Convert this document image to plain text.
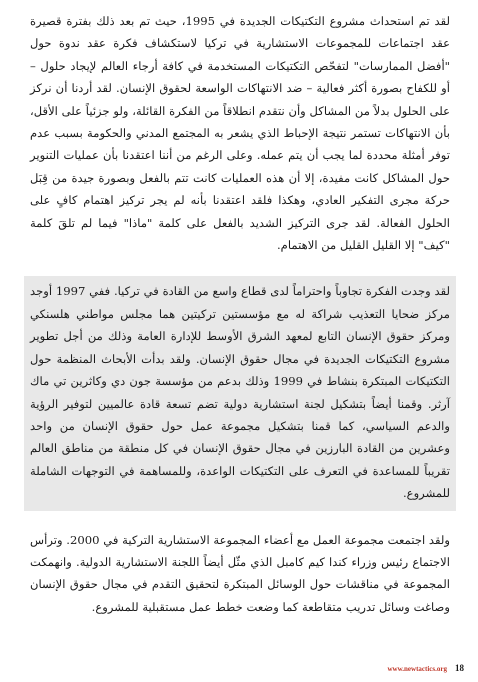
لقد تم استحداث مشروع التكتيكات الجديدة في 1995، حيث تم بعد ذلك بفترة قصيرة عقد اجتماعات للمجموعات الاستشارية في تركيا لاستكشاف فكرة عقد ندوة حول "أفضل الممارسات" لتفحّص التكتيكات المستخدمة في كافة أرجاء العالم لإيجاد حلول – أو للكفاح بصورة أكثر فعالية – ضد الانتهاكات الواسعة لحقوق الإنسان. لقد أردنا أن نركز على الحلول بدلاً من المشاكل وأن نتقدم انطلاقاً من الفكرة القائلة، ولو جزئياً على الأقل، بأن الانتهاكات تستمر نتيجة الإحباط الذي يشعر به المجتمع المدني والحكومة بسبب عدم توفر أمثلة محددة لما يجب أن يتم عمله. وعلى الرغم من أننا اعتقدنا بأن عمليات التنوير حول المشاكل كانت مفيدة، إلا أن هذه العمليات كانت تتم بالفعل وبصورة جيدة من قِبَل حركة مجرى التفكير العادي، وهكذا فلقد اعتقدنا بأنه لم يجر تركيز اهتمام كافٍ على الحلول الفعالة. لقد جرى التركيز الشديد بالفعل على كلمة "ماذا" فيما لم تلقَ كلمة "كيف" إلا القليل القليل من الاهتمام.

لقد وجدت الفكرة تجاوباً واحتراماً لدى قطاع واسع من القادة في تركيا. ففي 1997 أوجد مركز ضحايا التعذيب شراكة له مع مؤسستين تركيتين هما مجلس مواطني هلسنكي ومركز حقوق الإنسان التابع لمعهد الشرق الأوسط للإدارة العامة وذلك من أجل تطوير مشروع التكتيكات الجديدة في مجال حقوق الإنسان. ولقد بدأت الأبحاث المنظمة حول التكتيكات المبتكرة بنشاط في 1999 وذلك بدعم من مؤسسة جون دي وكاثرين تي ماك آرثر. وقمنا أيضاً بتشكيل لجنة استشارية دولية تضم تسعة قادة عالميين لتوفير الرؤية والدعم السياسي، كما قمنا بتشكيل مجموعة عمل حول حقوق الإنسان من واحد وعشرين من القادة البارزين في مجال حقوق الإنسان في كل منطقة من مناطق العالم تقريباً للمساعدة في التعرف على التكتيكات الواعدة، وللمساهمة في التوجهات الشاملة للمشروع.

ولقد اجتمعت مجموعة العمل مع أعضاء المجموعة الاستشارية التركية في 2000. وترأس الاجتماع رئيس وزراء كندا كيم كامبل الذي مثّل أيضاً اللجنة الاستشارية الدولية. وانهمكت المجموعة في مناقشات حول الوسائل المبتكرة لتحقيق التقدم في مجال حقوق الإنسان وصاغت وسائل تدريب متقاطعة كما وضعت خطط عمل مستقبلية للمشروع.

www.newtactics.org 18
